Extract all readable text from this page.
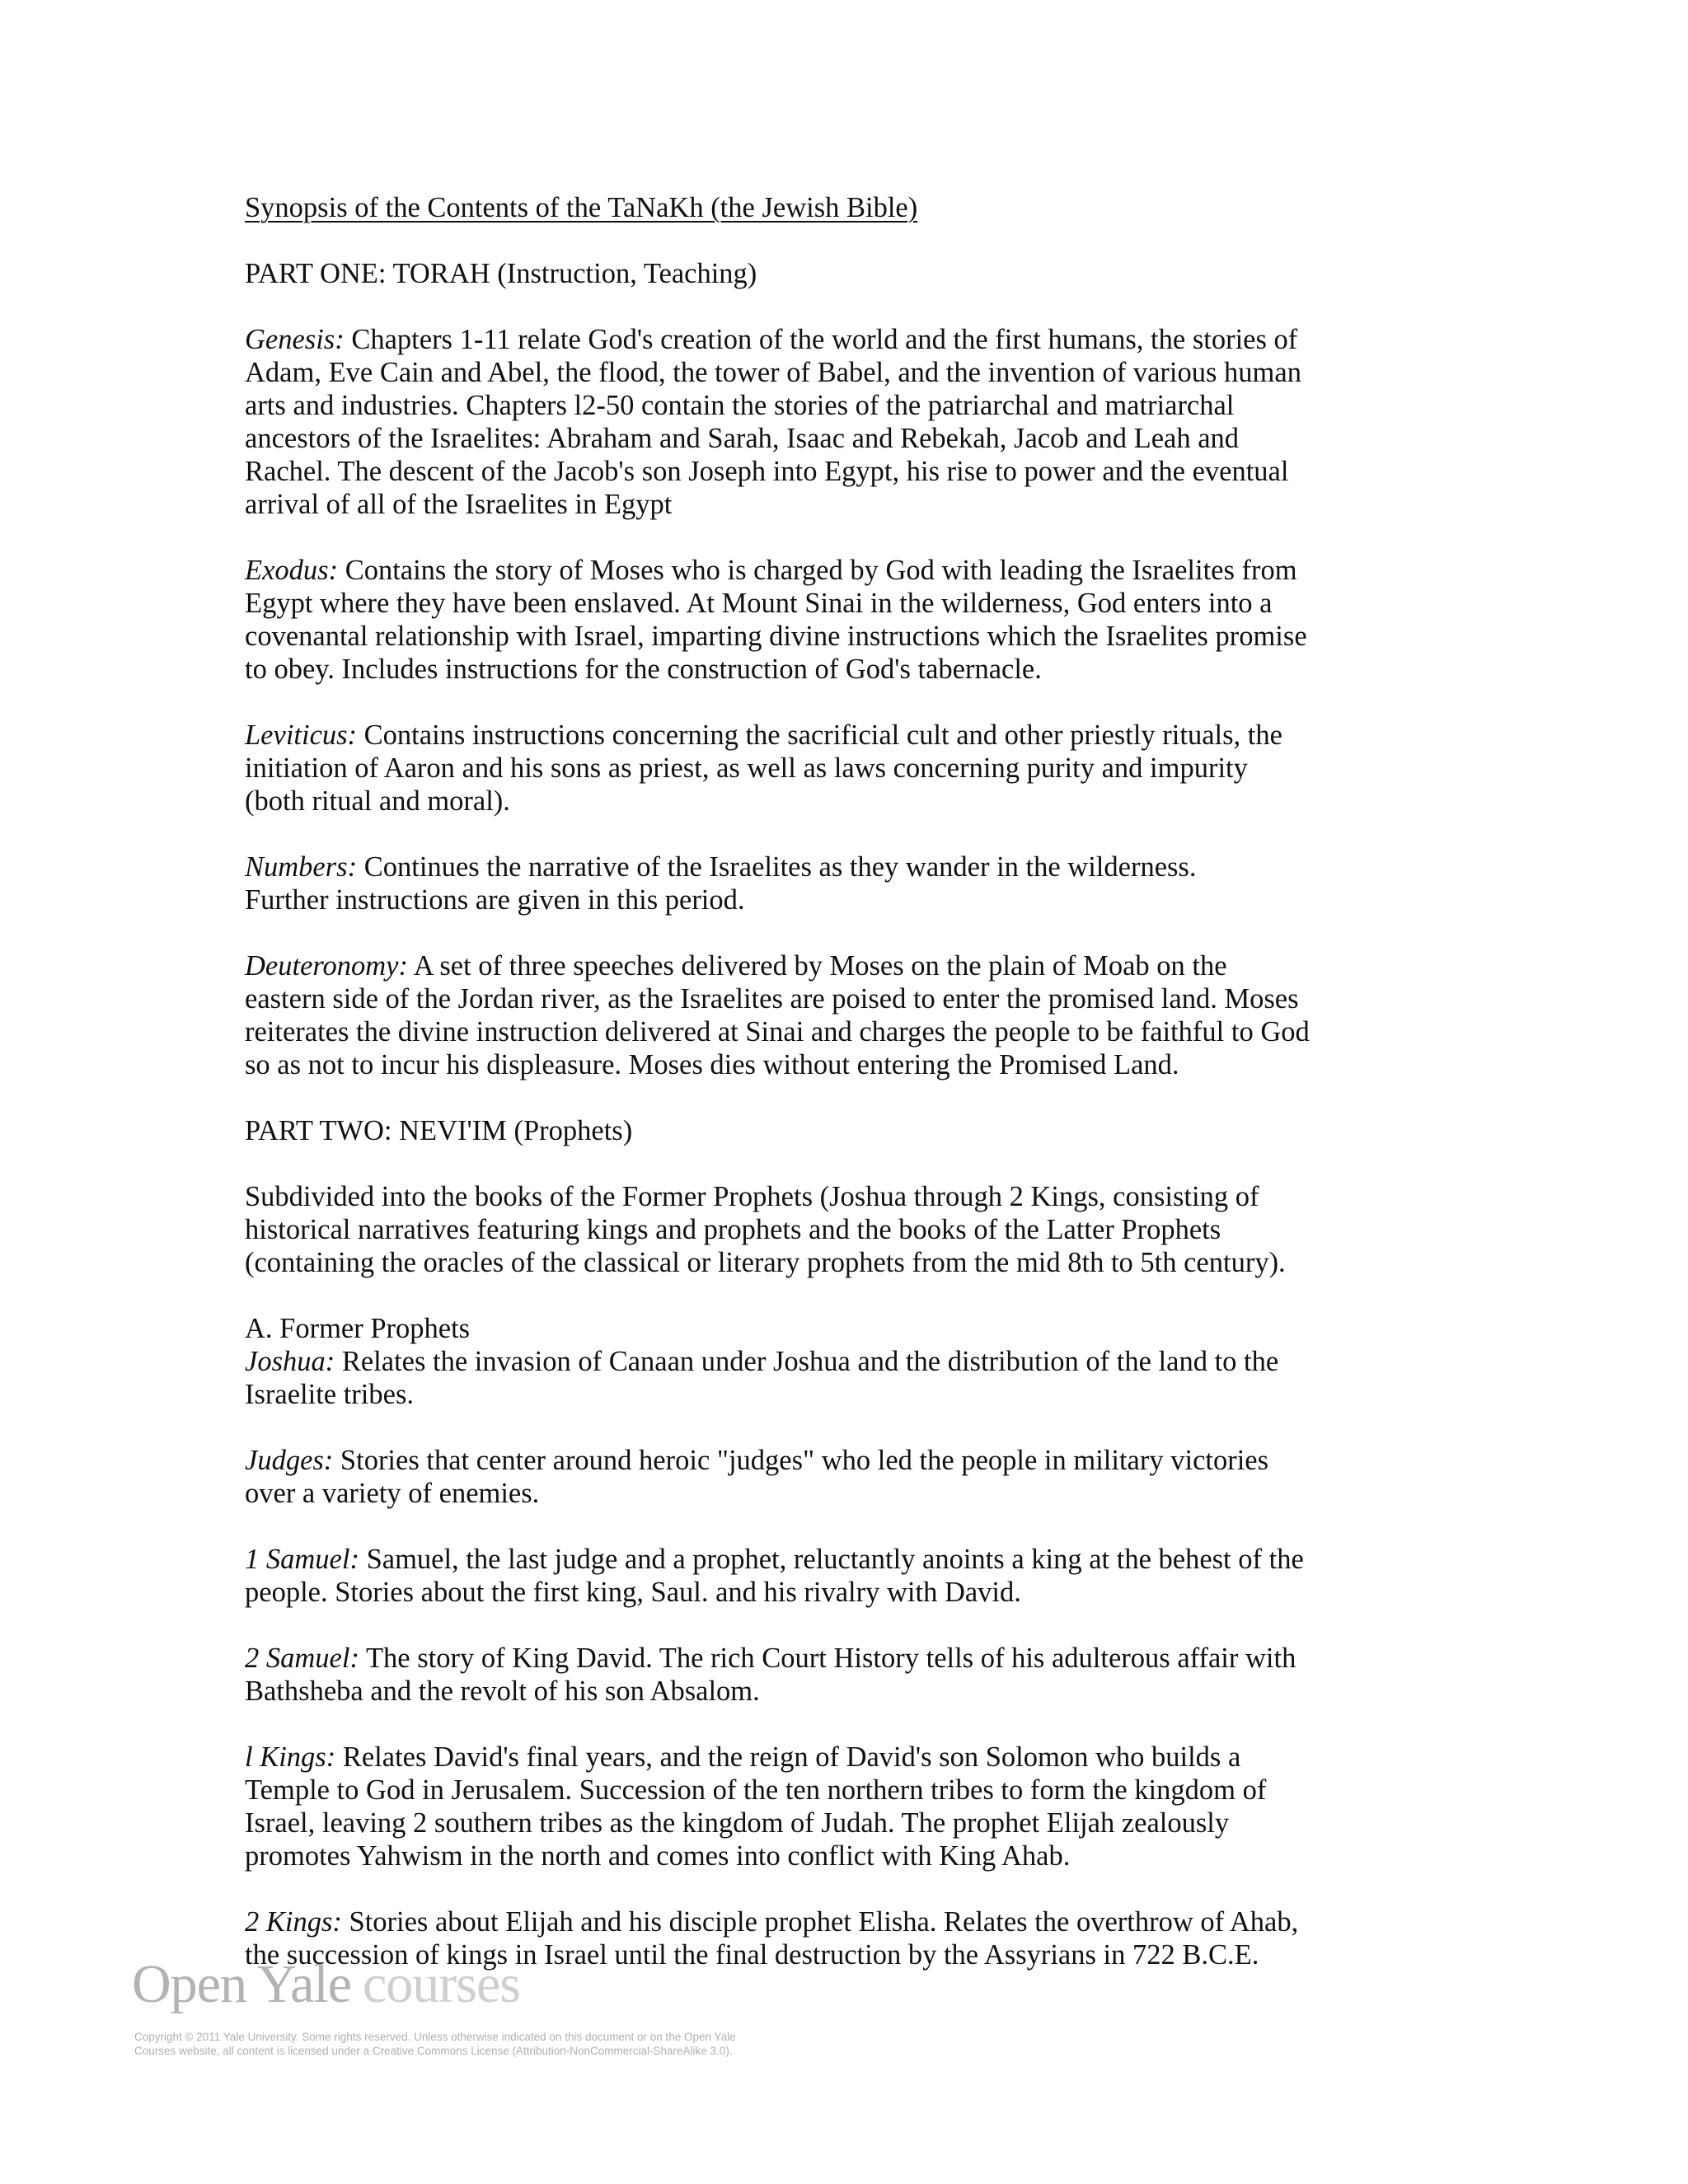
Synopsis of the Contents of the TaNaKh (the Jewish Bible)
PART ONE: TORAH (Instruction, Teaching)
Genesis: Chapters 1-11 relate God's creation of the world and the first humans, the stories of
Adam, Eve Cain and Abel, the flood, the tower of Babel, and the invention of various human
arts and industries. Chapters l2-50 contain the stories of the patriarchal and matriarchal
ancestors of the Israelites: Abraham and Sarah, Isaac and Rebekah, Jacob and Leah and
Rachel. The descent of the Jacob's son Joseph into Egypt, his rise to power and the eventual
arrival of all of the Israelites in Egypt
Exodus: Contains the story of Moses who is charged by God with leading the Israelites from
Egypt where they have been enslaved. At Mount Sinai in the wilderness, God enters into a
covenantal relationship with Israel, imparting divine instructions which the Israelites promise
to obey. Includes instructions for the construction of God's tabernacle.
Leviticus: Contains instructions concerning the sacrificial cult and other priestly rituals, the
initiation of Aaron and his sons as priest, as well as laws concerning purity and impurity
(both ritual and moral).
Numbers: Continues the narrative of the Israelites as they wander in the wilderness.
Further instructions are given in this period.
Deuteronomy: A set of three speeches delivered by Moses on the plain of Moab on the
eastern side of the Jordan river, as the Israelites are poised to enter the promised land. Moses
reiterates the divine instruction delivered at Sinai and charges the people to be faithful to God
so as not to incur his displeasure. Moses dies without entering the Promised Land.
PART TWO: NEVI'IM (Prophets)
Subdivided into the books of the Former Prophets (Joshua through 2 Kings, consisting of
historical narratives featuring kings and prophets and the books of the Latter Prophets
(containing the oracles of the classical or literary prophets from the mid 8th to 5th century).
A. Former Prophets
Joshua: Relates the invasion of Canaan under Joshua and the distribution of the land to the
Israelite tribes.
Judges: Stories that center around heroic "judges" who led the people in military victories
over a variety of enemies.
1 Samuel: Samuel, the last judge and a prophet, reluctantly anoints a king at the behest of the
people. Stories about the first king, Saul. and his rivalry with David.
2 Samuel: The story of King David. The rich Court History tells of his adulterous affair with
Bathsheba and the revolt of his son Absalom.
l Kings: Relates David's final years, and the reign of David's son Solomon who builds a
Temple to God in Jerusalem. Succession of the ten northern tribes to form the kingdom of
Israel, leaving 2 southern tribes as the kingdom of Judah. The prophet Elijah zealously
promotes Yahwism in the north and comes into conflict with King Ahab.
2 Kings: Stories about Elijah and his disciple prophet Elisha. Relates the overthrow of Ahab,
the succession of kings in Israel until the final destruction by the Assyrians in 722 B.C.E.
Open Yale courses
Copyright © 2011 Yale University. Some rights reserved. Unless otherwise indicated on this document or on the Open Yale
Courses website, all content is licensed under a Creative Commons License (Attribution-NonCommercial-ShareAlike 3.0).
